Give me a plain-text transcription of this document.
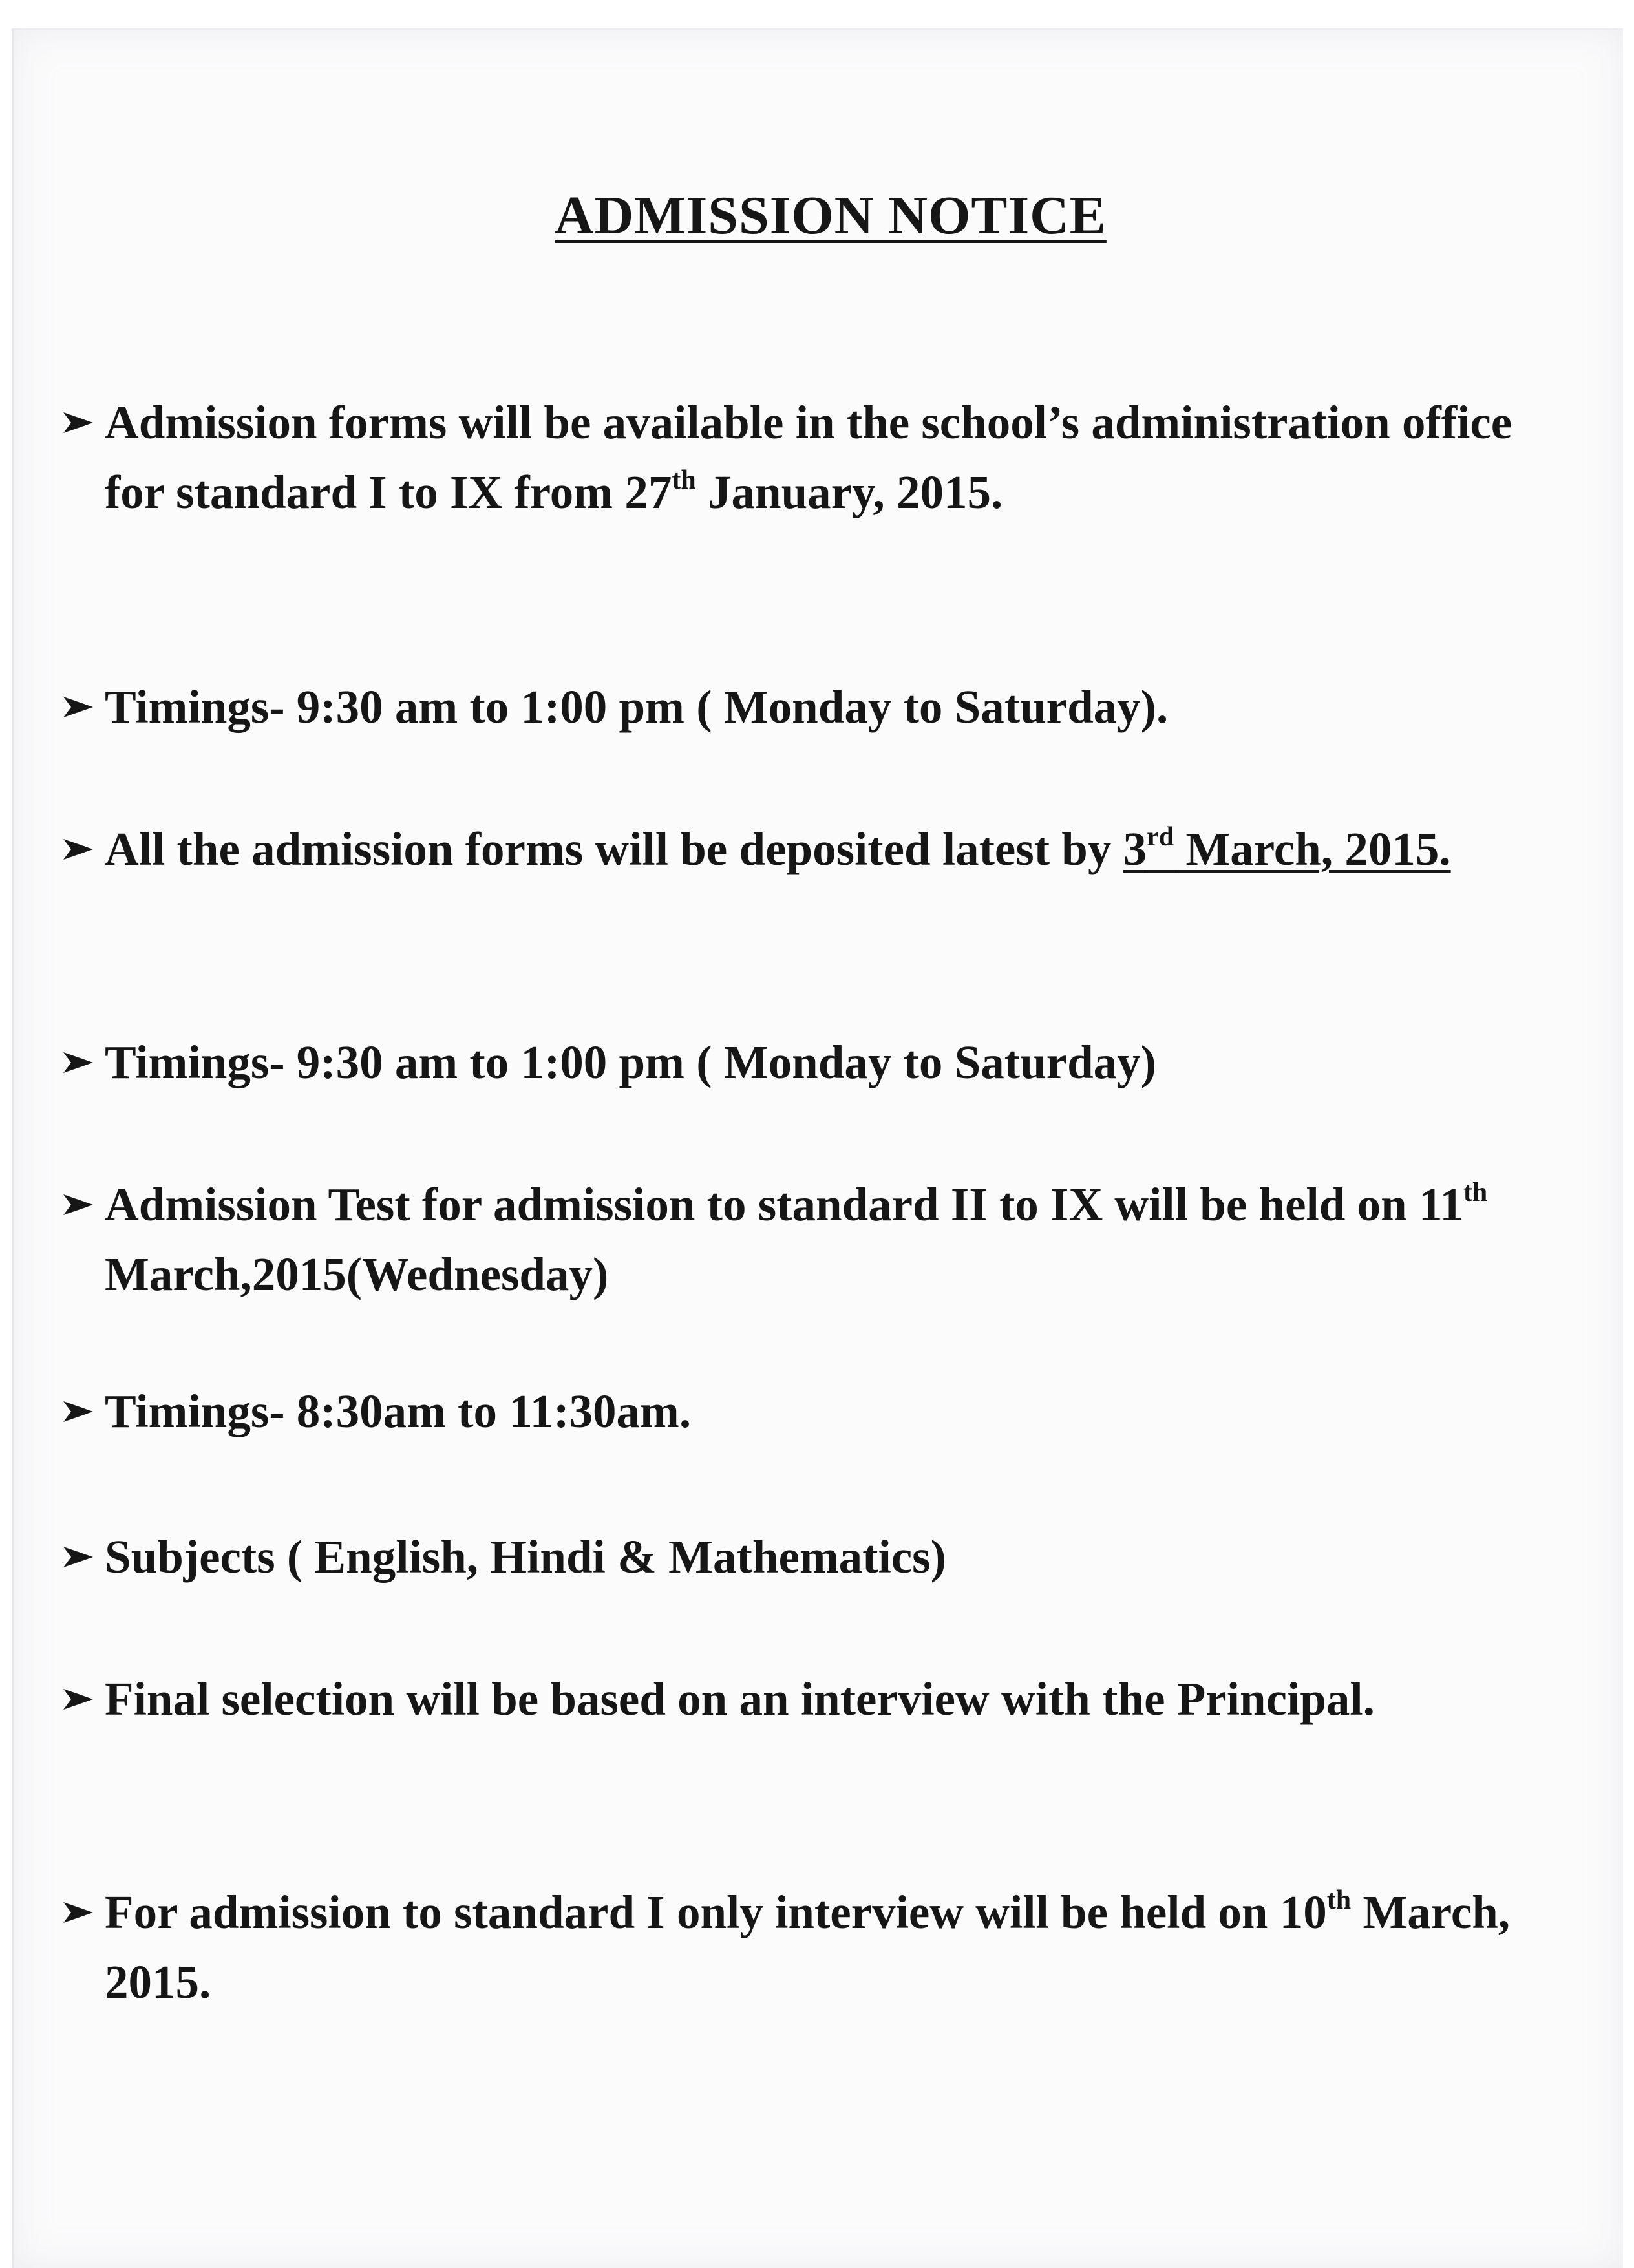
ADMISSION NOTICE
Admission forms will be available in the school’s administration office for standard I to IX from 27th January, 2015.
Timings- 9:30 am to 1:00 pm ( Monday to Saturday).
All the admission forms will be deposited latest by 3rd March, 2015.
Timings- 9:30 am to 1:00 pm ( Monday to Saturday)
Admission Test for admission to standard II to IX will be held on 11th March,2015(Wednesday)
Timings- 8:30am to 11:30am.
Subjects ( English, Hindi & Mathematics)
Final selection will be based on an interview with the Principal.
For admission to standard I only interview will be held on 10th March, 2015.
